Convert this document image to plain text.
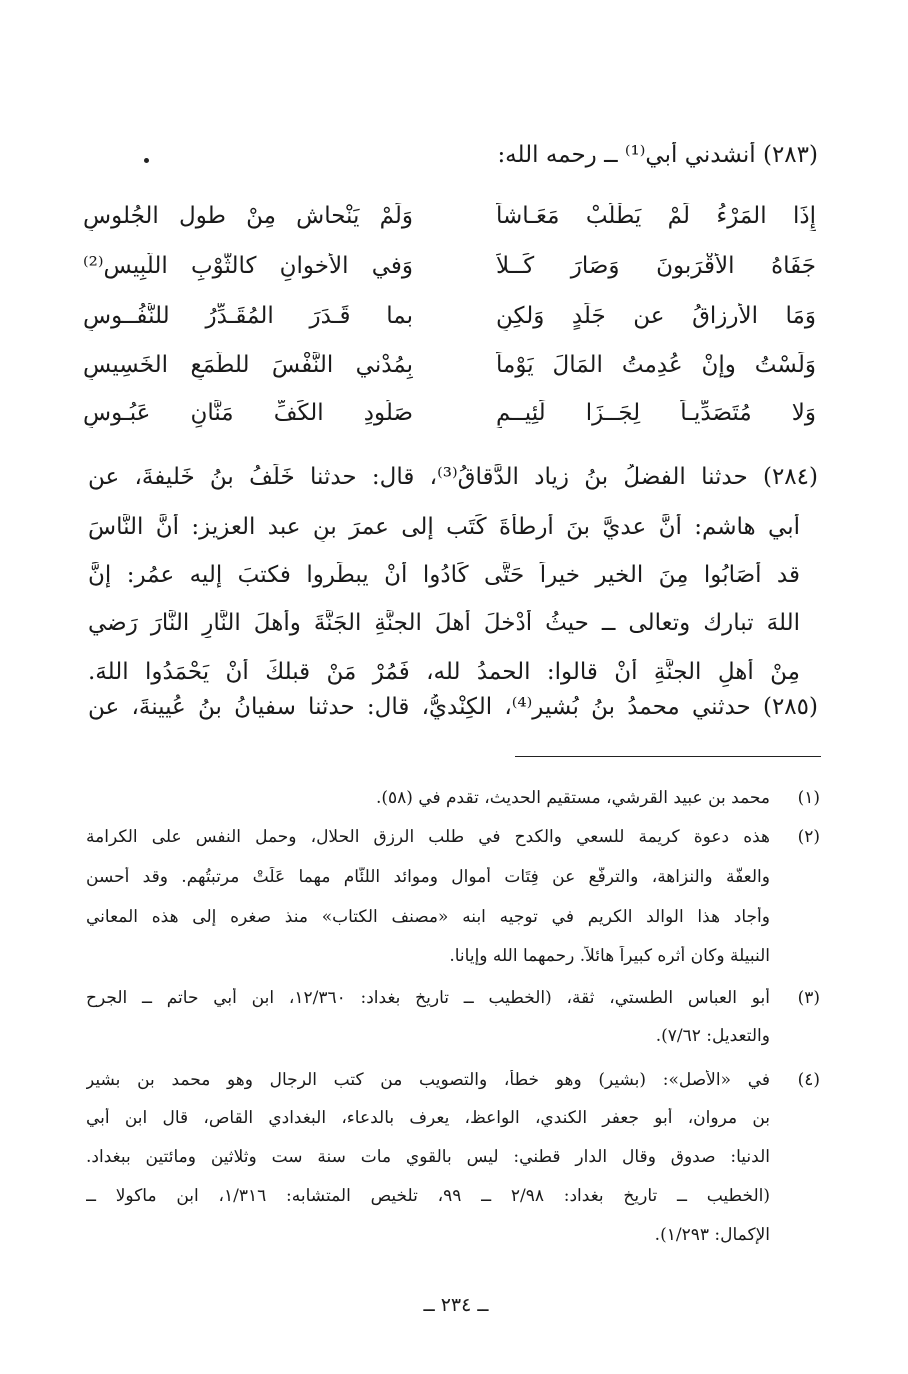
(٢٨٣) أنشدني أبي⁽¹⁾ ــ رحمه الله:
إِذَا المَرْءُ لَمْ يَطْلُبْ مَعَـاشاً
وَلَمْ يَنْحاش مِنْ طول الجُلوسِ
جَفَاهُ الأَقْرَبونَ وَصَارَ كَــلاً
وَفي الأخوانِ كالثَّوْبِ اللَّبِيس⁽²⁾
وَمَا الأَرزاقُ عن جَلَدٍ وَلكِنِ
بما قَـدَرَ المُقَـدِّرُ للنُّفُــوسِ
وَلَسْتُ وإنْ عُدِمتُ المَالَ يَوْماً
بِمُدْني النَّفْسَ للطَّمَعِ الخَسِيسِ
وَلا مُتَصَدِّيـاً لِجَــزَا لَئِيــمٍ
صَلُودِ الكَفِّ مَنَّانٍ عَبُـوسِ
(٢٨٤) حدثنا الفضلُ بنُ زياد الدَّقاقُ⁽³⁾، قال: حدثنا خَلَفُ بنُ خَليفةَ، عن
أبي هاشم: أنَّ عديَّ بنَ أرطأةَ كَتَب إلى عمرَ بنِ عبد العزيز: أنَّ النَّاسَ
قد أصَابُوا مِنَ الخير خيراً حَتَّى كَادُوا أنْ يبطَروا فكتبَ إليه عمُر: إنَّ
اللهَ تبارك وتعالى ــ حيثُ أدْخلَ أهلَ الجنَّةِ الجَنَّةَ وأهلَ النَّارِ النَّارَ رَضي
مِنْ أهلِ الجنَّةِ أنْ قالوا: الحمدُ لله، فَمُرْ مَنْ قبلكَ أنْ يَحْمَدُوا اللهَ.
(٢٨٥) حدثني محمدُ بنُ بُشير⁽⁴⁾، الكِنْديُّ، قال: حدثنا سفيانُ بنُ عُيينةَ، عن
(١)
محمد بن عبيد القرشي، مستقيم الحديث، تقدم في (٥٨).
(٢)
هذه دعوة كريمة للسعي والكدح في طلب الرزق الحلال، وحمل النفس على الكرامة
والعفّة والنزاهة، والترفّع عن فِتَات أموال وموائد اللئَّام مهما عَلَتْ مرتبتُهم. وقد أحسن
وأجاد هذا الوالد الكريم في توجيه ابنه «مصنف الكتاب» منذ صغره إلى هذه المعاني
النبيلة وكان أثره كبيراً هائلاً. رحمهما الله وإيانا.
(٣)
أبو العباس الطستي، ثقة، (الخطيب ــ تاريخ بغداد: ١٢/٣٦٠، ابن أبي حاتم ــ الجرح
والتعديل: ٧/٦٢).
(٤)
في «الأصل»: (بشير) وهو خطأ، والتصويب من كتب الرجال وهو محمد بن بشير
بن مروان، أبو جعفر الكندي، الواعظ، يعرف بالدعاء، البغدادي القاص، قال ابن أبي
الدنيا: صدوق وقال الدار قطني: ليس بالقوي مات سنة ست وثلاثين ومائتين ببغداد.
(الخطيب ــ تاريخ بغداد: ٢/٩٨ ــ ٩٩، تلخيص المتشابه: ١/٣١٦، ابن ماكولا ــ
الإكمال: ١/٢٩٣).
ــ ٢٣٤ ــ
